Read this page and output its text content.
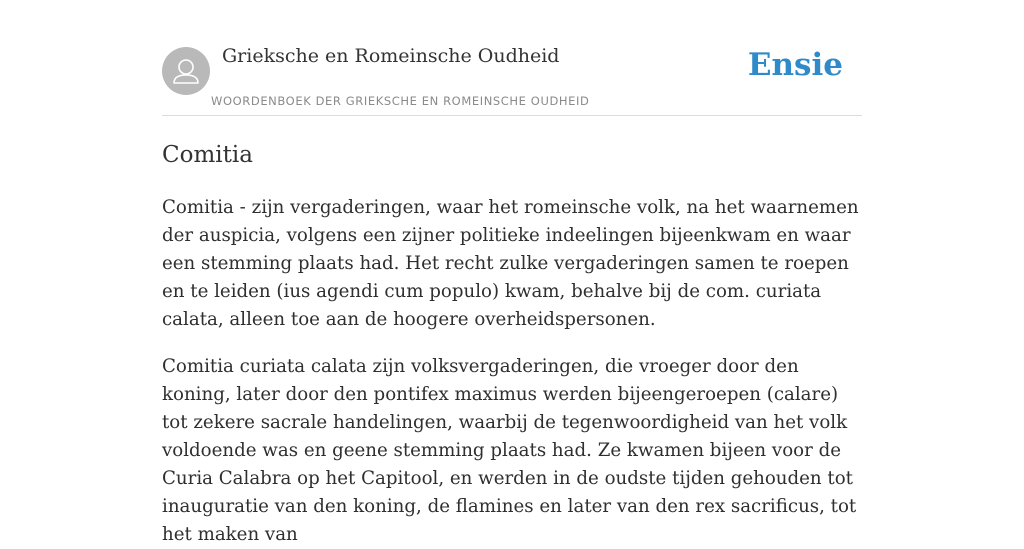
Grieksche en Romeinsche Oudheid
WOORDENBOEK DER GRIEKSCHE EN ROMEINSCHE OUDHEID
Ensie
Comitia

Comitia - zijn vergaderingen, waar het romeinsche volk, na het waarnemen der auspicia, volgens een zijner politieke indeelingen bijeenkwam en waar een stemming plaats had. Het recht zulke vergaderingen samen te roepen en te leiden (ius agendi cum populo) kwam, behalve bij de com. curiata calata, alleen toe aan de hoogere overheidspersonen.

Comitia curiata calata zijn volksvergaderingen, die vroeger door den koning, later door den pontifex maximus werden bijeengeroepen (calare) tot zekere sacrale handelingen, waarbij de tegenwoordigheid van het volk voldoende was en geene stemming plaats had. Ze kwamen bijeen voor de Curia Calabra op het Capitool, en werden in de oudste tijden gehouden tot inauguratie van den koning, de flamines en later van den rex sacrificus, tot het maken van
